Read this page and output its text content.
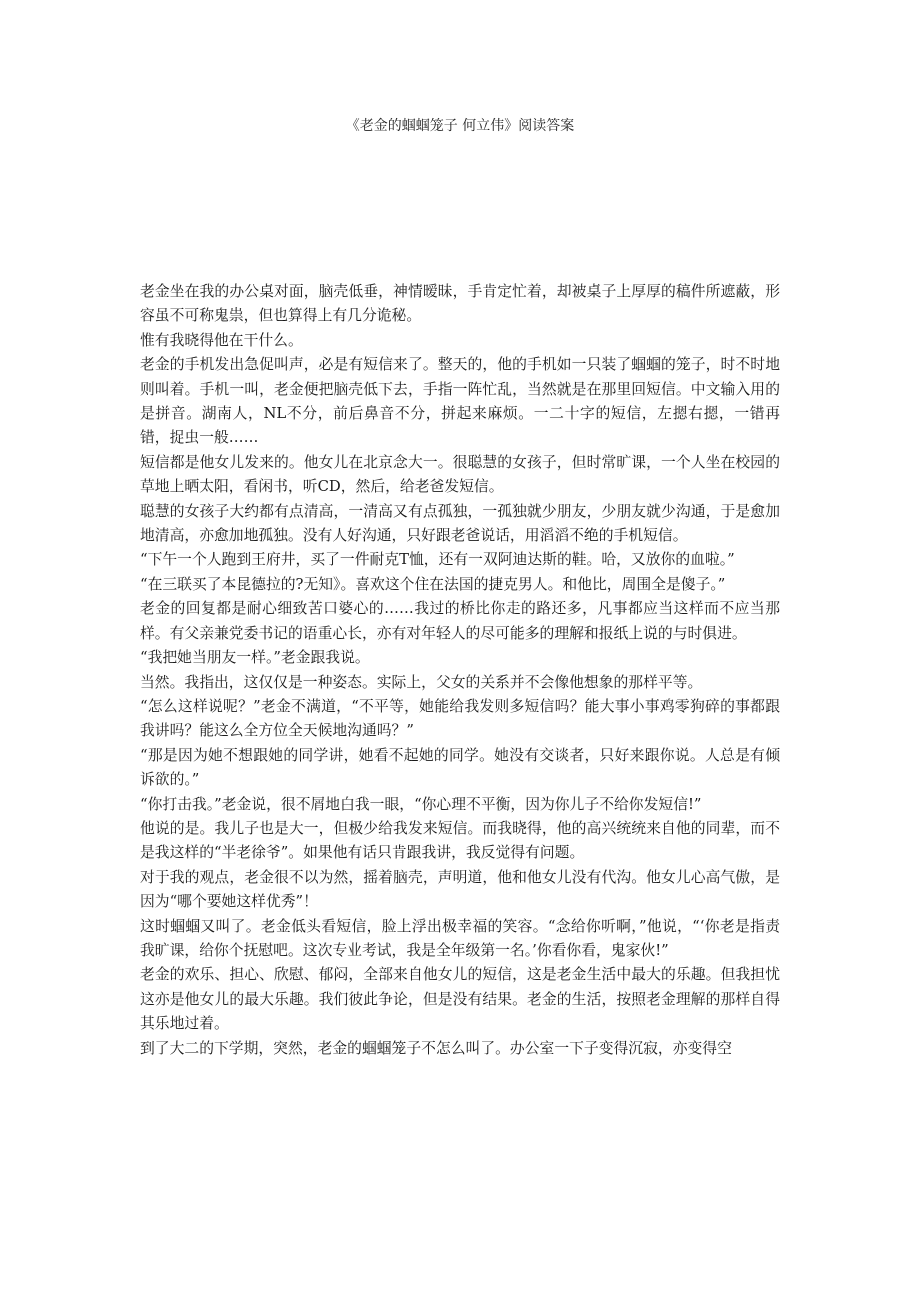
《老金的蝈蝈笼子 何立伟》阅读答案

老金坐在我的办公桌对面，脑壳低垂，神情暧昧，手肯定忙着，却被桌子上厚厚的稿件所遮蔽，形容虽不可称鬼祟，但也算得上有几分诡秘。

惟有我晓得他在干什么。

老金的手机发出急促叫声，必是有短信来了。整天的，他的手机如一只装了蝈蝈的笼子，时不时地则叫着。手机一叫，老金便把脑壳低下去，手指一阵忙乱，当然就是在那里回短信。中文输入用的是拼音。湖南人，NL不分，前后鼻音不分，拼起来麻烦。一二十字的短信，左摁右摁，一错再错，捉虫一般……

短信都是他女儿发来的。他女儿在北京念大一。很聪慧的女孩子，但时常旷课，一个人坐在校园的草地上晒太阳，看闲书，听CD，然后，给老爸发短信。

聪慧的女孩子大约都有点清高，一清高又有点孤独，一孤独就少朋友，少朋友就少沟通，于是愈加地清高，亦愈加地孤独。没有人好沟通，只好跟老爸说话，用滔滔不绝的手机短信。

“下午一个人跑到王府井，买了一件耐克T恤，还有一双阿迪达斯的鞋。哈，又放你的血啦。”

“在三联买了本昆德拉的?无知》。喜欢这个住在法国的捷克男人。和他比，周围全是傻子。”

老金的回复都是耐心细致苦口婆心的……我过的桥比你走的路还多，凡事都应当这样而不应当那样。有父亲兼党委书记的语重心长，亦有对年轻人的尽可能多的理解和报纸上说的与时俱进。

“我把她当朋友一样。”老金跟我说。

当然。我指出，这仅仅是一种姿态。实际上，父女的关系并不会像他想象的那样平等。

“怎么这样说呢？”老金不满道，“不平等，她能给我发则多短信吗？能大事小事鸡零狗碎的事都跟我讲吗？能这么全方位全天候地沟通吗？”

“那是因为她不想跟她的同学讲，她看不起她的同学。她没有交谈者，只好来跟你说。人总是有倾诉欲的。”

“你打击我。”老金说，很不屑地白我一眼，“你心理不平衡，因为你儿子不给你发短信!”

他说的是。我儿子也是大一，但极少给我发来短信。而我晓得，他的高兴统统来自他的同辈，而不是我这样的“半老徐爷”。如果他有话只肯跟我讲，我反觉得有问题。

对于我的观点，老金很不以为然，摇着脑壳，声明道，他和他女儿没有代沟。他女儿心高气傲，是因为“哪个要她这样优秀”！

这时蝈蝈又叫了。老金低头看短信，脸上浮出极幸福的笑容。“念给你听啊，”他说，“‘你老是指责我旷课，给你个抚慰吧。这次专业考试，我是全年级第一名。’你看你看，鬼家伙!”

老金的欢乐、担心、欣慰、郁闷，全部来自他女儿的短信，这是老金生活中最大的乐趣。但我担忧这亦是他女儿的最大乐趣。我们彼此争论，但是没有结果。老金的生活，按照老金理解的那样自得其乐地过着。

到了大二的下学期，突然，老金的蝈蝈笼子不怎么叫了。办公室一下子变得沉寂，亦变得空
